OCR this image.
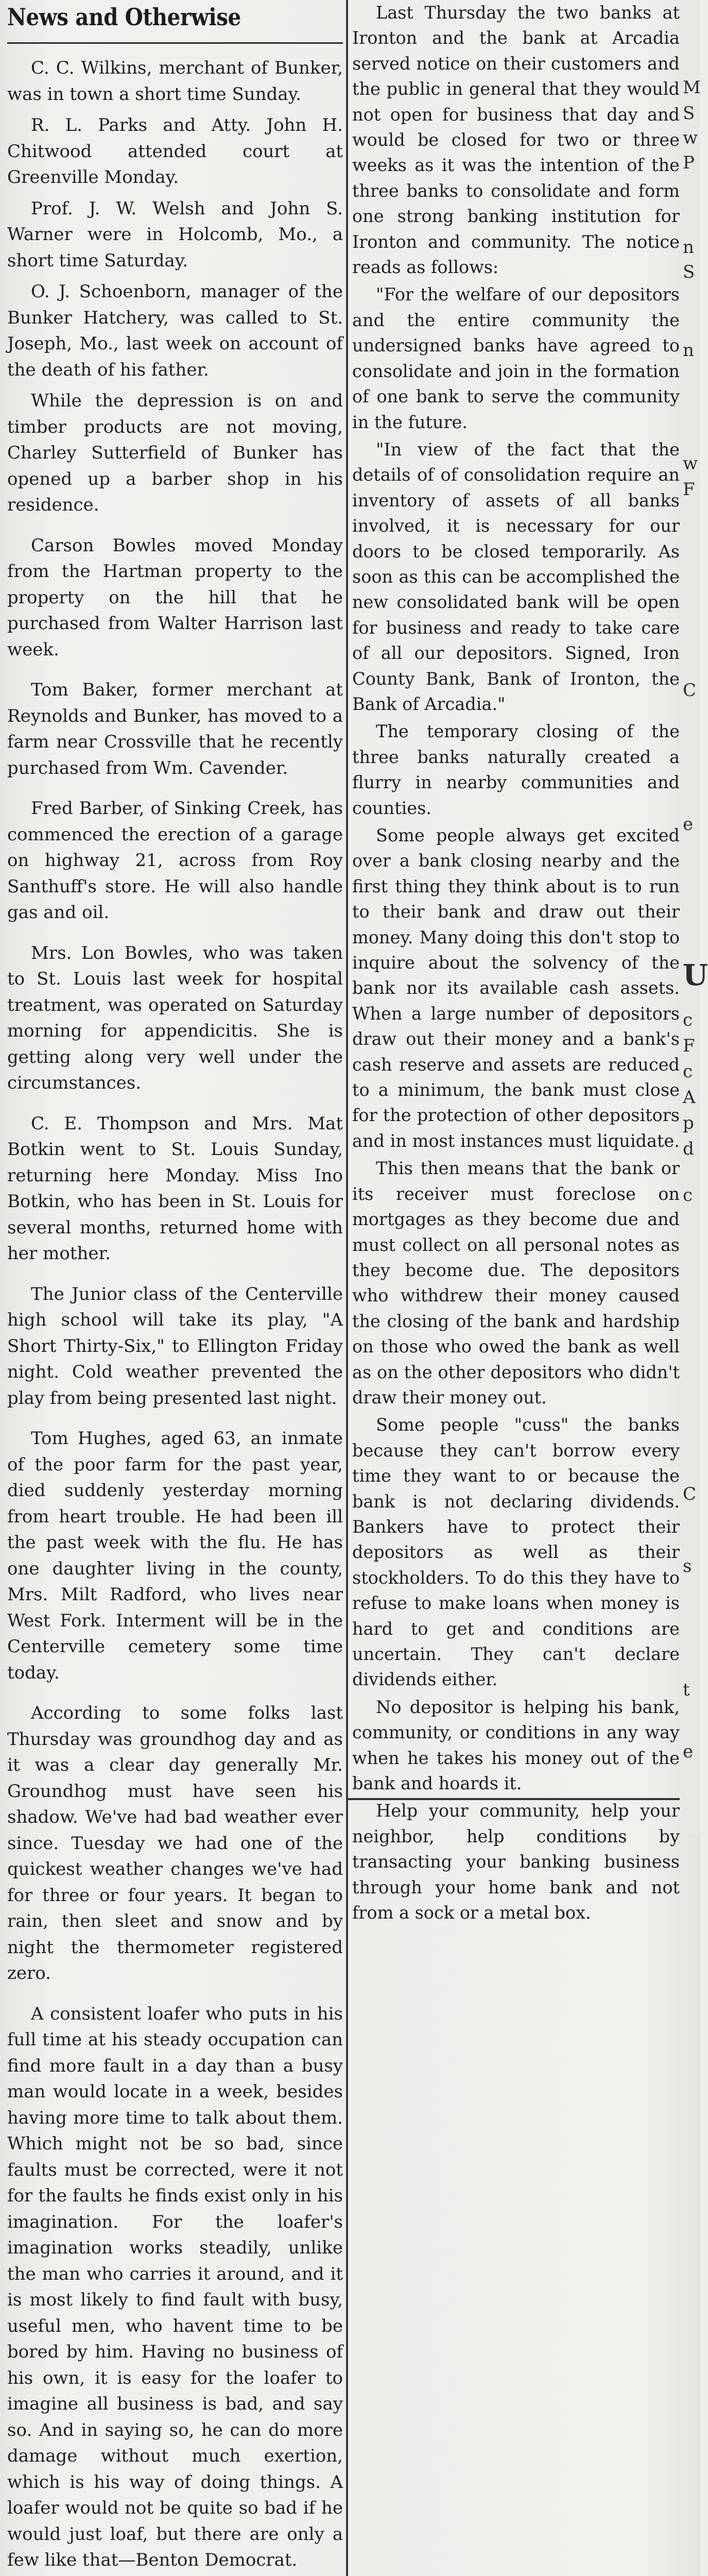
News and Otherwise

C. C. Wilkins, merchant of Bunker, was in town a short time Sunday.

R. L. Parks and Atty. John H. Chitwood attended court at Greenville Monday.

Prof. J. W. Welsh and John S. Warner were in Holcomb, Mo., a short time Saturday.

O. J. Schoenborn, manager of the Bunker Hatchery, was called to St. Joseph, Mo., last week on account of the death of his father.

While the depression is on and timber products are not moving, Charley Sutterfield of Bunker has opened up a barber shop in his residence.

Carson Bowles moved Monday from the Hartman property to the property on the hill that he purchased from Walter Harrison last week.

Tom Baker, former merchant at Reynolds and Bunker, has moved to a farm near Crossville that he recently purchased from Wm. Cavender.

Fred Barber, of Sinking Creek, has commenced the erection of a garage on highway 21, across from Roy Santhuff's store. He will also handle gas and oil.

Mrs. Lon Bowles, who was taken to St. Louis last week for hospital treatment, was operated on Saturday morning for appendicitis. She is getting along very well under the circumstances.

C. E. Thompson and Mrs. Mat Botkin went to St. Louis Sunday, returning here Monday. Miss Ino Botkin, who has been in St. Louis for several months, returned home with her mother.

The Junior class of the Centerville high school will take its play, "A Short Thirty-Six," to Ellington Friday night. Cold weather prevented the play from being presented last night.

Tom Hughes, aged 63, an inmate of the poor farm for the past year, died suddenly yesterday morning from heart trouble. He had been ill the past week with the flu. He has one daughter living in the county, Mrs. Milt Radford, who lives near West Fork. Interment will be in the Centerville cemetery some time today.

According to some folks last Thursday was groundhog day and as it was a clear day generally Mr. Groundhog must have seen his shadow. We've had bad weather ever since. Tuesday we had one of the quickest weather changes we've had for three or four years. It began to rain, then sleet and snow and by night the thermometer registered zero.

A consistent loafer who puts in his full time at his steady occupation can find more fault in a day than a busy man would locate in a week, besides having more time to talk about them. Which might not be so bad, since faults must be corrected, were it not for the faults he finds exist only in his imagination. For the loafer's imagination works steadily, unlike the man who carries it around, and it is most likely to find fault with busy, useful men, who havent time to be bored by him. Having no business of his own, it is easy for the loafer to imagine all business is bad, and say so. And in saying so, he can do more damage without much exertion, which is his way of doing things. A loafer would not be quite so bad if he would just loaf, but there are only a few like that—Benton Democrat.

Last Thursday the two banks at Ironton and the bank at Arcadia served notice on their customers and the public in general that they would not open for business that day and would be closed for two or three weeks as it was the intention of the three banks to consolidate and form one strong banking institution for Ironton and community. The notice reads as follows:

"For the welfare of our depositors and the entire community the undersigned banks have agreed to consolidate and join in the formation of one bank to serve the community in the future.

"In view of the fact that the details of of consolidation require an inventory of assets of all banks involved, it is necessary for our doors to be closed temporarily. As soon as this can be accomplished the new consolidated bank will be open for business and ready to take care of all our depositors. Signed, Iron County Bank, Bank of Ironton, the Bank of Arcadia."

The temporary closing of the three banks naturally created a flurry in nearby communities and counties.

Some people always get excited over a bank closing nearby and the first thing they think about is to run to their bank and draw out their money. Many doing this don't stop to inquire about the solvency of the bank nor its available cash assets. When a large number of depositors draw out their money and a bank's cash reserve and assets are reduced to a minimum, the bank must close for the protection of other depositors and in most instances must liquidate.

This then means that the bank or its receiver must foreclose on mortgages as they become due and must collect on all personal notes as they become due. The depositors who withdrew their money caused the closing of the bank and hardship on those who owed the bank as well as on the other depositors who didn't draw their money out.

Some people "cuss" the banks because they can't borrow every time they want to or because the bank is not declaring dividends. Bankers have to protect their depositors as well as their stockholders. To do this they have to refuse to make loans when money is hard to get and conditions are uncertain. They can't declare dividends either.

No depositor is helping his bank, community, or conditions in any way when he takes his money out of the bank and hoards it.

Help your community, help your neighbor, help conditions by transacting your banking business through your home bank and not from a sock or a metal box.

M
S
w
P
n
S
n
w
F
C
e
U
c
F
c
A
p
d
c
C
s
t
e
